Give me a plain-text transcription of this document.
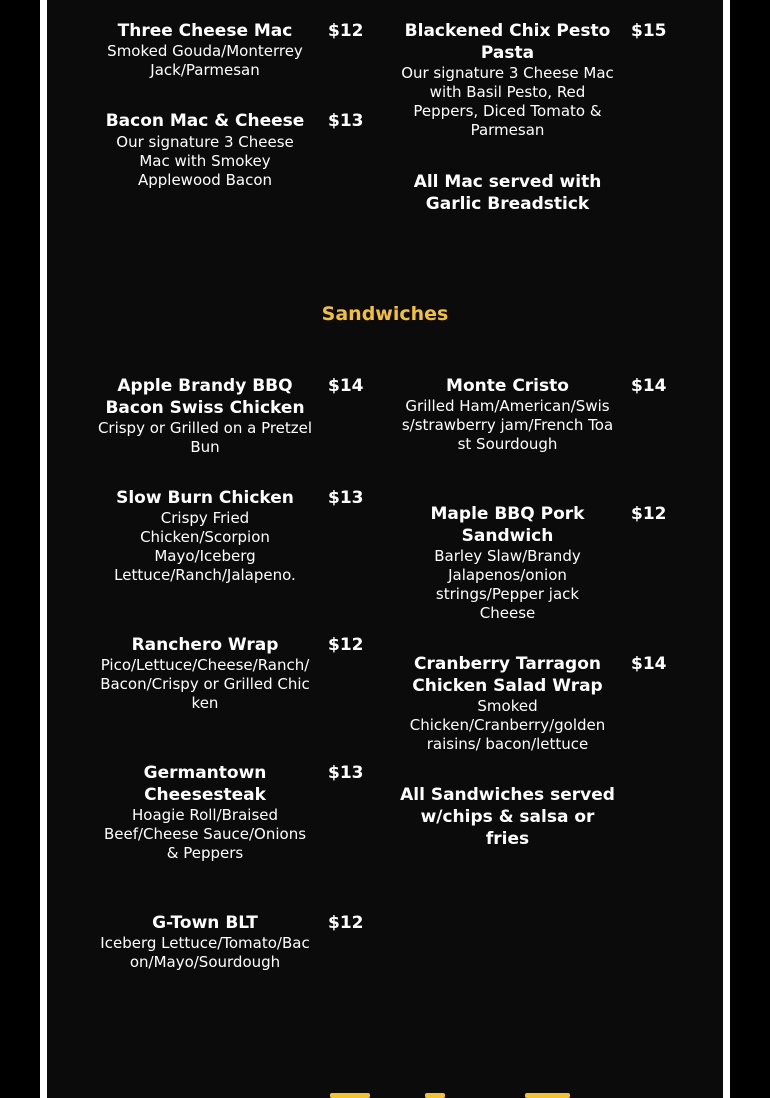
Three Cheese Mac	$12
Smoked Gouda/Monterrey Jack/Parmesan
Bacon Mac & Cheese	$13
Our signature 3 Cheese Mac with Smokey Applewood Bacon
Blackened Chix Pesto Pasta
$15
Our signature 3 Cheese Mac with Basil Pesto, Red Peppers, Diced Tomato & Parmesan
All Mac served with Garlic Breadstick
Sandwiches
Apple Brandy BBQ Bacon Swiss Chicken
$14
Crispy or Grilled on a Pretzel Bun
Slow Burn Chicken	$13
Crispy Fried Chicken/Scorpion Mayo/Iceberg Lettuce/Ranch/Jalapeno.
Ranchero Wrap	$12
Pico/Lettuce/Cheese/Ranch/Bacon/Crispy or Grilled Chicken
Germantown Cheesesteak
$13
Hoagie Roll/Braised Beef/Cheese Sauce/Onions & Peppers
G-Town BLT	$12
Iceberg Lettuce/Tomato/Bacon/Mayo/Sourdough
Monte Cristo	$14
Grilled Ham/American/Swiss/strawberry jam/French Toast Sourdough
Maple BBQ Pork Sandwich
$12
Barley Slaw/Brandy Jalapenos/onion strings/Pepper jack Cheese
Cranberry Tarragon Chicken Salad Wrap
$14
Smoked Chicken/Cranberry/golden raisins/ bacon/lettuce
All Sandwiches served w/chips & salsa or fries
